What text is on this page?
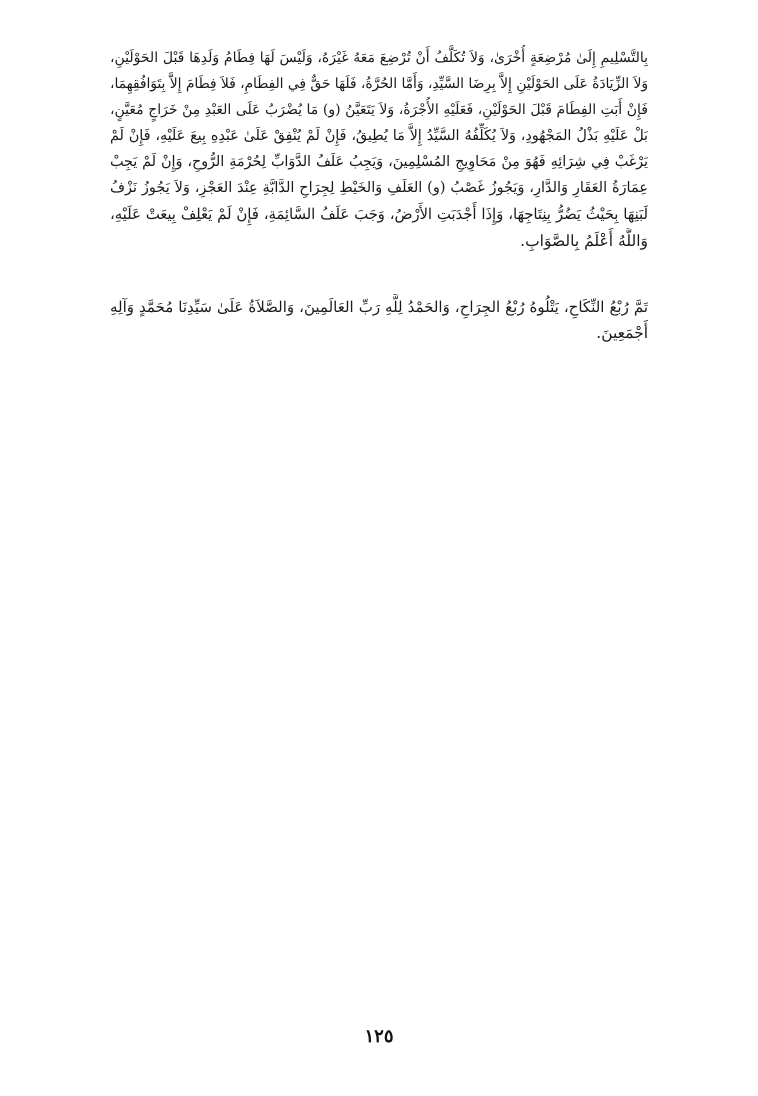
بِالتَّسْلِيمِ إِلَىٰ مُرْضِعَةٍ أُخْرَىٰ، وَلاَ تُكَلَّفُ أَنْ تُرْضِعَ مَعَهُ غَيْرَهُ، وَلَيْسَ لَهَا فِطَامُ وَلَدِهَا قَبْلَ الحَوْلَيْنِ،
وَلاَ الزِّيَادَةُ عَلَى الحَوْلَيْنِ إِلاَّ بِرِضَا السَّيِّدِ، وَأَمَّا الحُرَّةُ، فَلَهَا حَقٌّ فِي الفِطَامِ، فَلاَ فِطَامَ إِلاَّ بِتَوَافُقِهِمَا،
فَإِنْ أَبَتِ الفِطَامَ قَبْلَ الحَوْلَيْنِ، فَعَلَيْهِ الأُجْرَةُ، وَلاَ يَتَعَيَّنُ (و) مَا يُضْرَبُ عَلَى العَبْدِ مِنْ خَرَاجٍ مُعَيَّنٍ،
بَلْ عَلَيْهِ بَذْلُ المَجْهُودِ، وَلاَ يُكَلِّفُهُ السَّيِّدُ إِلاَّ مَا يُطِيقُ، فَإِنْ لَمْ يُنْفِقْ عَلَىٰ عَبْدِهِ بِيعَ عَلَيْهِ، فَإِنْ لَمْ
يَرْغَبْ فِي شِرَائِهِ فَهُوَ مِنْ مَحَاوِيجِ المُسْلِمِينَ، وَيَجِبُ عَلَفُ الدَّوَابِّ لِحُرْمَةِ الرُّوحِ، وَإِنْ لَمْ يَجِبْ
عِمَارَةُ العَقَارِ وَالدَّارِ، وَيَجُوزُ غَصْبُ (و) العَلَفِ وَالخَيْطِ لِجِرَاحِ الدَّابَّةِ عِنْدَ العَجْزِ، وَلاَ يَجُوزُ نَزْفُ
لَبَنِهَا بِحَيْثُ يَضُرُّ بِنِتَاجِهَا، وَإِذَا أَجْدَبَتِ الأَرْضُ، وَجَبَ عَلَفُ السَّائِمَةِ، فَإِنْ لَمْ يَعْلِفْ بِيعَتْ عَلَيْهِ،
وَاللَّهُ أَعْلَمُ بِالصَّوَابِ.
تَمَّ رُبْعُ النِّكَاحِ، يَتْلُوهُ رُبْعُ الجِرَاحِ، وَالحَمْدُ لِلَّهِ رَبِّ العَالَمِينَ، وَالصَّلاَةُ عَلَىٰ سَيِّدِنَا مُحَمَّدٍ وَآلِهِ
أَجْمَعِينَ.
١٢٥
